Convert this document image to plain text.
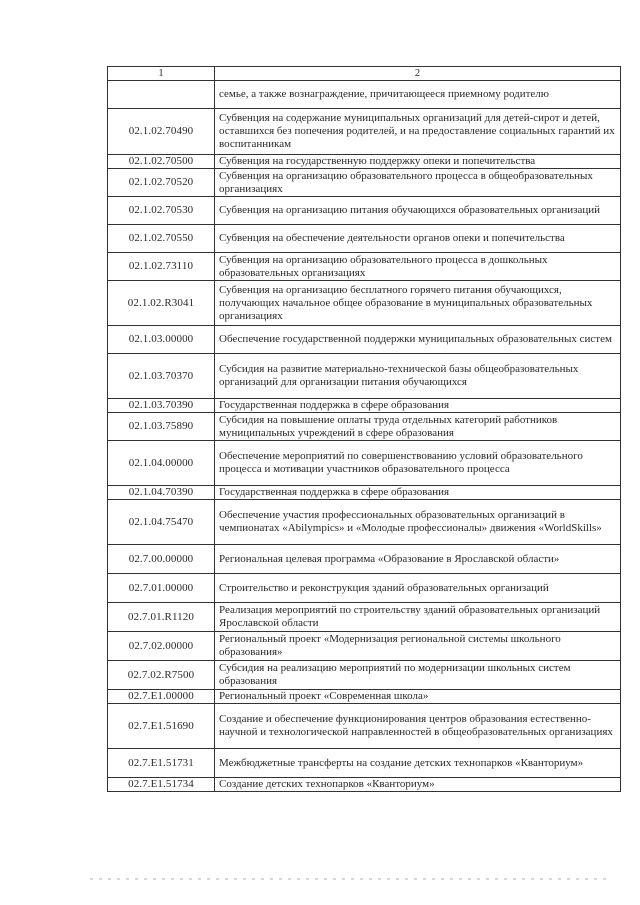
1	2
	семье, а также вознаграждение, причитающееся приемному родителю
02.1.02.70490	Субвенция на содержание муниципальных организаций для детей-сирот и детей, оставшихся без попечения родителей, и на предоставление социальных гарантий их воспитанникам
02.1.02.70500	Субвенция на государственную поддержку опеки и попечительства
02.1.02.70520	Субвенция на организацию образовательного процесса в общеобразовательных организациях
02.1.02.70530	Субвенция на организацию питания обучающихся образовательных организаций
02.1.02.70550	Субвенция на обеспечение деятельности органов опеки и попечительства
02.1.02.73110	Субвенция на организацию образовательного процесса в дошкольных образовательных организациях
02.1.02.R3041	Субвенция на организацию бесплатного горячего питания обучающихся, получающих начальное общее образование в муниципальных образовательных организациях
02.1.03.00000	Обеспечение государственной поддержки муниципальных образовательных систем
02.1.03.70370	Субсидия на развитие материально-технической базы общеобразовательных организаций для организации питания обучающихся
02.1.03.70390	Государственная поддержка в сфере образования
02.1.03.75890	Субсидия на повышение оплаты труда отдельных категорий работников муниципальных учреждений в сфере образования
02.1.04.00000	Обеспечение мероприятий по совершенствованию условий образовательного процесса и мотивации участников образовательного процесса
02.1.04.70390	Государственная поддержка в сфере образования
02.1.04.75470	Обеспечение участия профессиональных образовательных организаций в чемпионатах «Abilympics» и «Молодые профессионалы» движения «WorldSkills»
02.7.00.00000	Региональная целевая программа «Образование в Ярославской области»
02.7.01.00000	Строительство и реконструкция зданий образовательных организаций
02.7.01.R1120	Реализация мероприятий по строительству зданий образовательных организаций Ярославской области
02.7.02.00000	Региональный проект «Модернизация региональной системы школьного образования»
02.7.02.R7500	Субсидия на реализацию мероприятий по модернизации школьных систем образования
02.7.E1.00000	Региональный проект «Современная школа»
02.7.E1.51690	Создание и обеспечение функционирования центров образования естественно-научной и технологической направленностей в общеобразовательных организациях
02.7.E1.51731	Межбюджетные трансферты на создание детских технопарков «Кванториум»
02.7.E1.51734	Создание детских технопарков «Кванториум»
